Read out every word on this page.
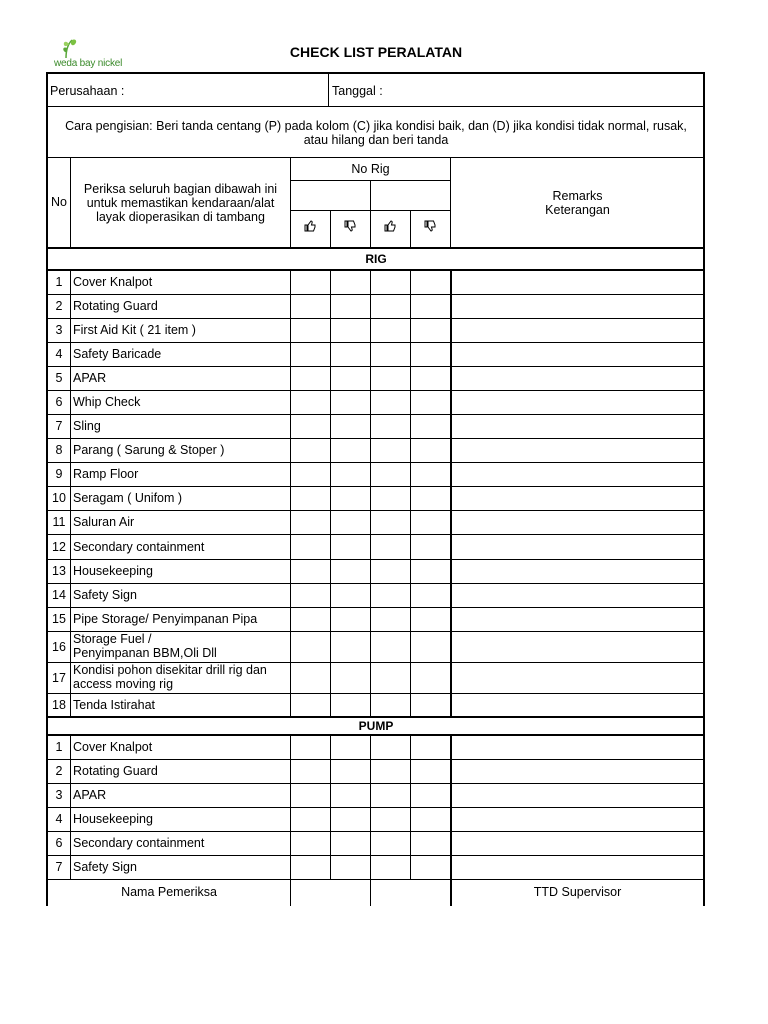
weda bay nickel
CHECK LIST PERALATAN
Perusahaan :	Tanggal :
Cara pengisian: Beri tanda centang (P) pada kolom (C) jika kondisi baik, dan (D) jika kondisi tidak normal, rusak,
atau hilang dan beri tanda
No
Periksa seluruh bagian dibawah ini
untuk memastikan kendaraan/alat
layak dioperasikan di tambang
No Rig
Remarks
Keterangan
RIG
1 Cover Knalpot
2 Rotating Guard
3 First Aid Kit ( 21 item )
4 Safety Baricade
5 APAR
6 Whip Check
7 Sling
8 Parang ( Sarung & Stoper )
9 Ramp Floor
10 Seragam ( Unifom )
11 Saluran Air
12 Secondary containment
13 Housekeeping
14 Safety Sign
15 Pipe Storage/ Penyimpanan Pipa
16
Storage Fuel /
Penyimpanan BBM,Oli Dll
17
Kondisi pohon disekitar drill rig dan
access moving rig
18 Tenda Istirahat
PUMP
1 Cover Knalpot
2 Rotating Guard
3 APAR
4 Housekeeping
6 Secondary containment
7 Safety Sign
Nama Pemeriksa	TTD Supervisor
